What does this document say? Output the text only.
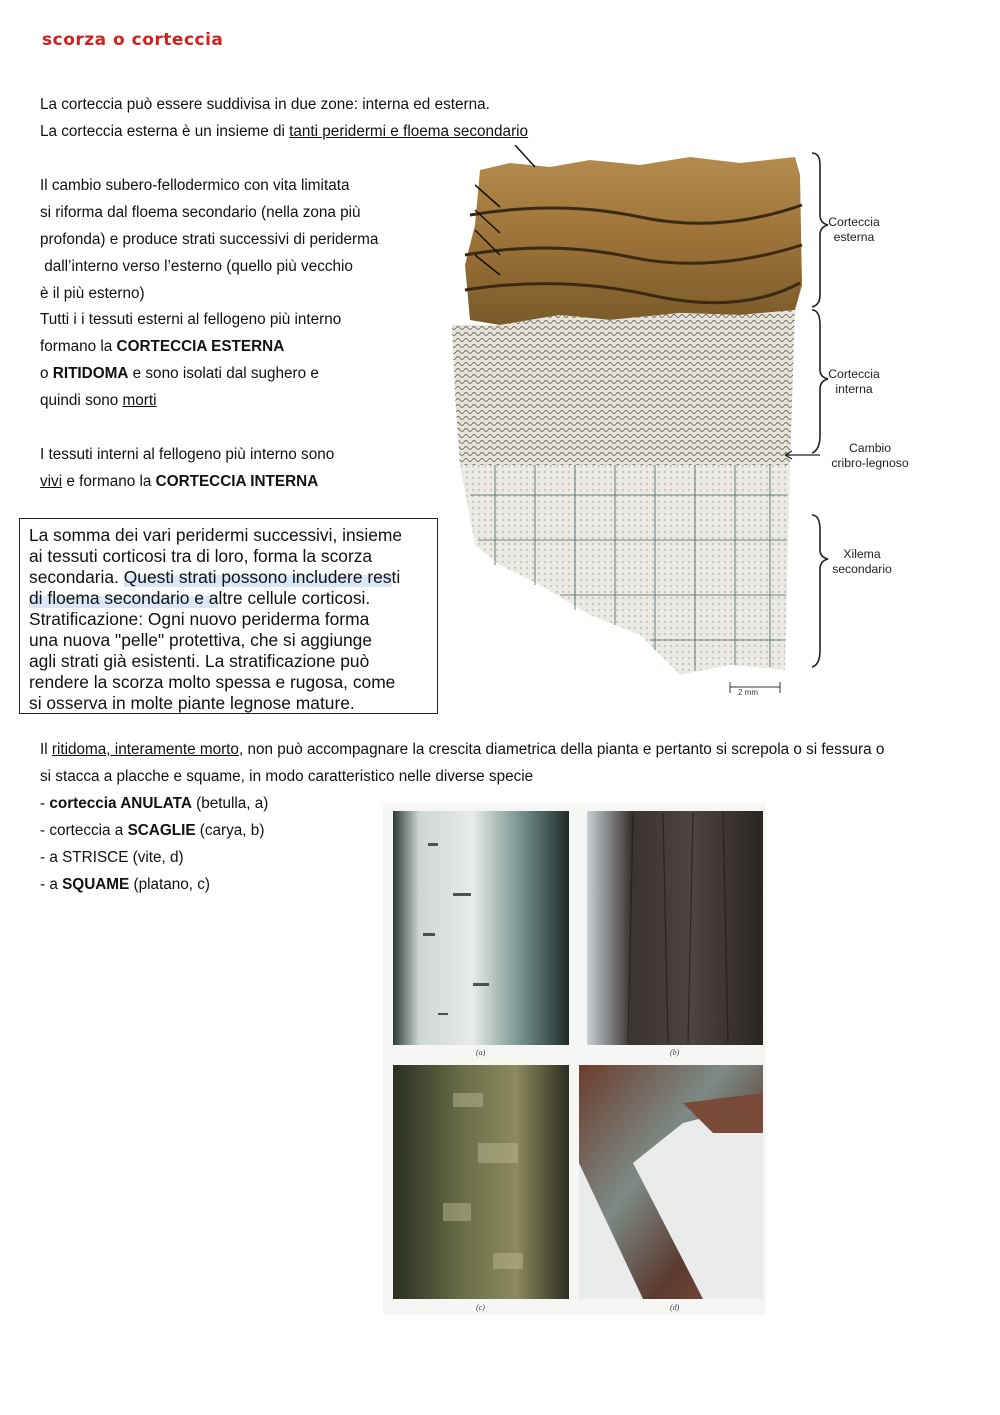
scorza o corteccia
La corteccia può essere suddivisa in due zone: interna ed esterna.
La corteccia esterna è un insieme di tanti peridermi e floema secondario
Il cambio subero-fellodermico con vita limitata
si riforma dal floema secondario (nella zona più
profonda) e produce strati successivi di periderma
dall’interno verso l’esterno (quello più vecchio
è il più esterno)
Tutti i i tessuti esterni al fellogeno più interno
formano la CORTECCIA ESTERNA
o RITIDOMA e sono isolati dal sughero e
quindi sono morti
I tessuti interni al fellogeno più interno sono
vivi e formano la CORTECCIA INTERNA
La somma dei vari peridermi successivi, insieme
ai tessuti corticosi tra di loro, forma la scorza
secondaria. Questi strati possono includere resti
di floema secondario e altre cellule corticosi.
Stratificazione: Ogni nuovo periderma forma
una nuova "pelle" protettiva, che si aggiunge
agli strati già esistenti. La stratificazione può
rendere la scorza molto spessa e rugosa, come
si osserva in molte piante legnose mature.
Corteccia
esterna
Corteccia
interna
Cambio
cribro-legnoso
Xilema
secondario
2 mm
Il ritidoma, interamente morto, non può accompagnare la crescita diametrica della pianta e pertanto si screpola o si fessura o
si stacca a placche e squame, in modo caratteristico nelle diverse specie
- corteccia ANULATA (betulla, a)
- corteccia a SCAGLIE (carya, b)
- a STRISCE (vite, d)
- a SQUAME (platano, c)
(a)	(b)
(c)	(d)
